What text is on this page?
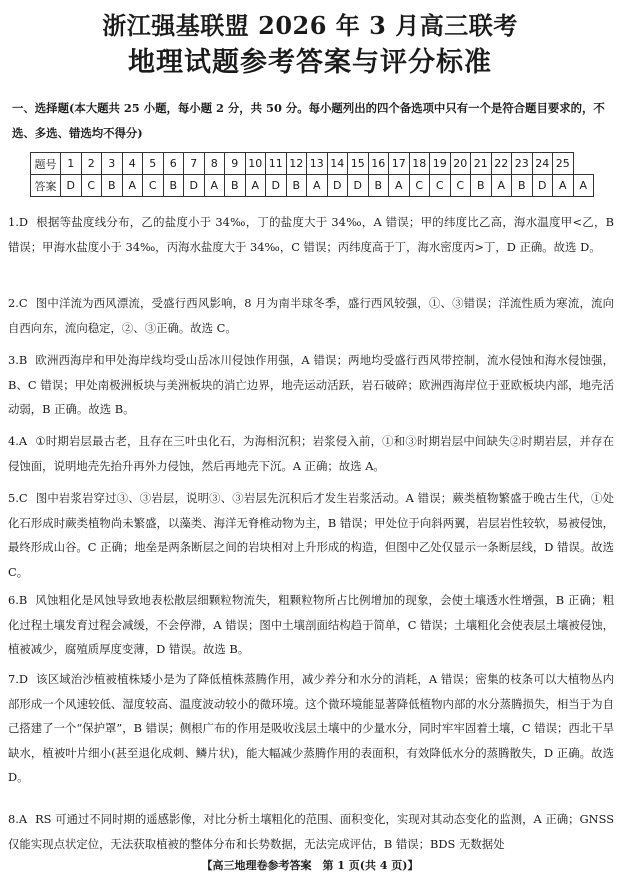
浙江强基联盟 2026 年 3 月高三联考
地理试题参考答案与评分标准
一、选择题(本大题共 25 小题，每小题 2 分，共 50 分。每小题列出的四个备选项中只有一个是符合题目要求的，不选、多选、错选均不得分)
题号	1	2	3	4	5	6	7	8	9	10	11	12	13	14	15	16	17	18	19	20	21	22	23	24	25	
答案	D	C	B	A	C	B	D	A	B	A	D	B	A	D	D	B	A	C	C	C	B	A	B	D	A	A
1.D 根据等盐度线分布，乙的盐度小于 34‰，丁的盐度大于 34‰，A 错误；甲的纬度比乙高，海水温度甲<乙，B 错误；甲海水盐度小于 34‰，丙海水盐度大于 34‰，C 错误；丙纬度高于丁，海水密度丙>丁，D 正确。故选 D。
2.C 图中洋流为西风漂流，受盛行西风影响，8 月为南半球冬季，盛行西风较强，①、③错误；洋流性质为寒流，流向自西向东，流向稳定，②、③正确。故选 C。
3.B 欧洲西海岸和甲处海岸线均受山岳冰川侵蚀作用强，A 错误；两地均受盛行西风带控制，流水侵蚀和海水侵蚀强，B、C 错误；甲处南极洲板块与美洲板块的消亡边界，地壳运动活跃，岩石破碎；欧洲西海岸位于亚欧板块内部，地壳活动弱，B 正确。故选 B。
4.A ①时期岩层最古老，且存在三叶虫化石，为海相沉积；岩浆侵入前，①和③时期岩层中间缺失②时期岩层，并存在侵蚀面，说明地壳先抬升再外力侵蚀，然后再地壳下沉。A 正确；故选 A。
5.C 图中岩浆岩穿过③、③岩层，说明③、③岩层先沉积后才发生岩浆活动。A 错误；蕨类植物繁盛于晚古生代，①处化石形成时蕨类植物尚未繁盛，以藻类、海洋无脊椎动物为主，B 错误；甲处位于向斜两翼，岩层岩性较软，易被侵蚀，最终形成山谷。C 正确；地垒是两条断层之间的岩块相对上升形成的构造，但图中乙处仅显示一条断层线，D 错误。故选 C。
6.B 风蚀粗化是风蚀导致地表松散层细颗粒物流失，粗颗粒物所占比例增加的现象，会使土壤透水性增强，B 正确；粗化过程土壤发育过程会减缓，不会停滞，A 错误；图中土壤剖面结构趋于简单，C 错误；土壤粗化会使表层土壤被侵蚀，植被减少，腐殖质厚度变薄，D 错误。故选 B。
7.D 该区域治沙植被植株矮小是为了降低植株蒸腾作用，减少养分和水分的消耗，A 错误；密集的枝条可以大植物丛内部形成一个风速较低、湿度较高、温度波动较小的微环境。这个微环境能显著降低植物内部的水分蒸腾损失，相当于为自己搭建了一个“保护罩”，B 错误；侧根广布的作用是吸收浅层土壤中的少量水分，同时牢牢固着土壤，C 错误；西北干旱缺水，植被叶片细小(甚至退化成刺、鳞片状)，能大幅减少蒸腾作用的表面积，有效降低水分的蒸腾散失，D 正确。故选 D。
8.A RS 可通过不同时期的遥感影像，对比分析土壤粗化的范围、面积变化，实现对其动态变化的监测，A 正确；GNSS 仅能实现点状定位，无法获取植被的整体分布和长势数据，无法完成评估，B 错误；BDS 无数据处
【高三地理卷参考答案　第 1 页(共 4 页)】
